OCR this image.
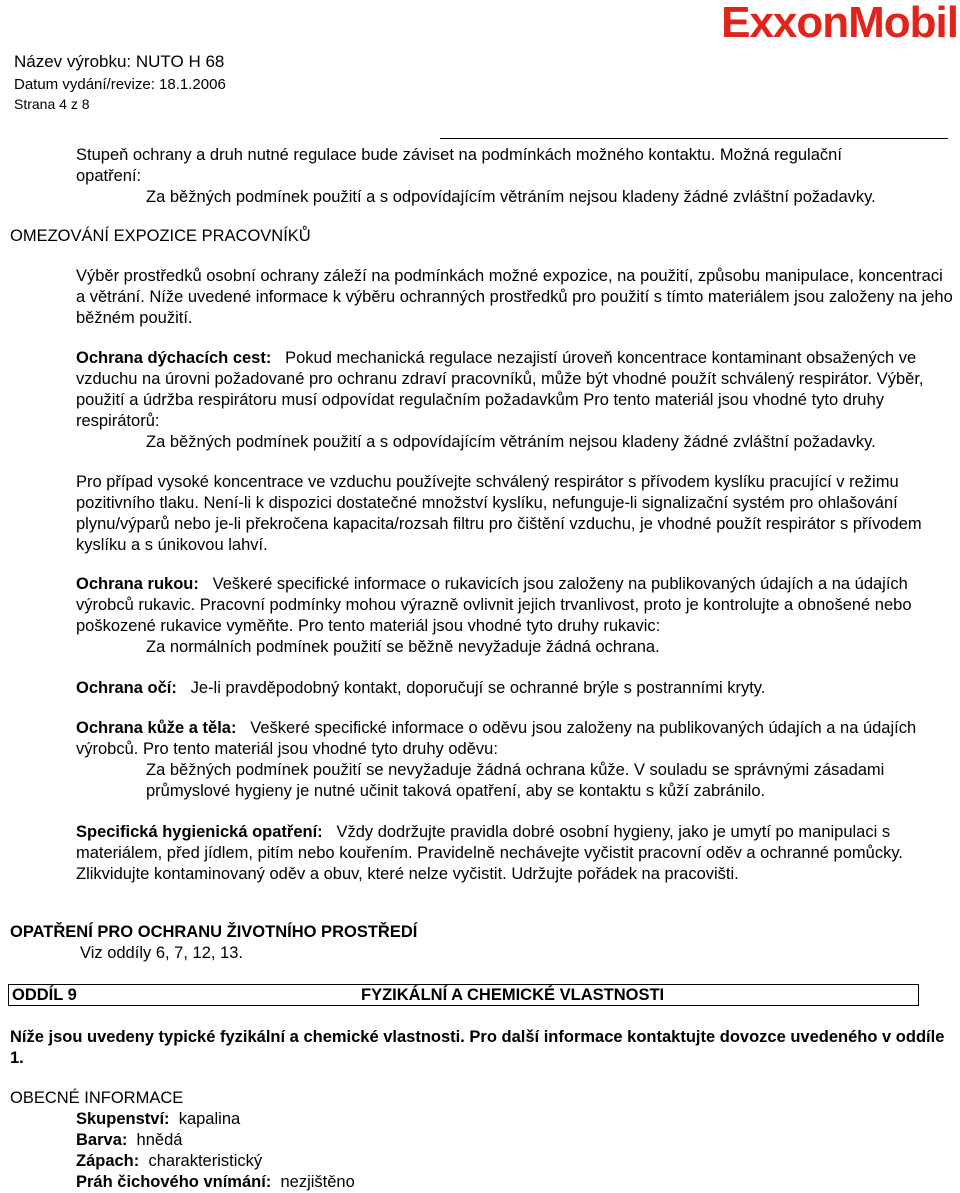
Název výrobku: NUTO H 68
Datum vydání/revize: 18.1.2006
Strana 4 z 8
ExxonMobil
Stupeň ochrany a druh nutné regulace bude záviset na podmínkách možného kontaktu. Možná regulační
opatření:
Za běžných podmínek použití a s odpovídajícím větráním nejsou kladeny žádné zvláštní požadavky.
OMEZOVÁNÍ EXPOZICE PRACOVNÍKŮ
Výběr prostředků osobní ochrany záleží na podmínkách možné expozice, na použití, způsobu manipulace, koncentraci a větrání. Níže uvedené informace k výběru ochranných prostředků pro použití s tímto materiálem jsou založeny na jeho běžném použití.
Ochrana dýchacích cest: Pokud mechanická regulace nezajistí úroveň koncentrace kontaminant obsažených ve vzduchu na úrovni požadované pro ochranu zdraví pracovníků, může být vhodné použít schválený respirátor. Výběr, použití a údržba respirátoru musí odpovídat regulačním požadavkům Pro tento materiál jsou vhodné tyto druhy respirátorů:
Za běžných podmínek použití a s odpovídajícím větráním nejsou kladeny žádné zvláštní požadavky.
Pro případ vysoké koncentrace ve vzduchu používejte schválený respirátor s přívodem kyslíku pracující v režimu pozitivního tlaku. Není-li k dispozici dostatečné množství kyslíku, nefunguje-li signalizační systém pro ohlašování plynu/výparů nebo je-li překročena kapacita/rozsah filtru pro čištění vzduchu, je vhodné použít respirátor s přívodem kyslíku a s únikovou lahví.
Ochrana rukou: Veškeré specifické informace o rukavicích jsou založeny na publikovaných údajích a na údajích výrobců rukavic. Pracovní podmínky mohou výrazně ovlivnit jejich trvanlivost, proto je kontrolujte a obnošené nebo poškozené rukavice vyměňte. Pro tento materiál jsou vhodné tyto druhy rukavic:
Za normálních podmínek použití se běžně nevyžaduje žádná ochrana.
Ochrana očí: Je-li pravděpodobný kontakt, doporučují se ochranné brýle s postranními kryty.
Ochrana kůže a těla: Veškeré specifické informace o oděvu jsou založeny na publikovaných údajích a na údajích výrobců. Pro tento materiál jsou vhodné tyto druhy oděvu:
Za běžných podmínek použití se nevyžaduje žádná ochrana kůže. V souladu se správnými zásadami průmyslové hygieny je nutné učinit taková opatření, aby se kontaktu s kůží zabránilo.
Specifická hygienická opatření: Vždy dodržujte pravidla dobré osobní hygieny, jako je umytí po manipulaci s materiálem, před jídlem, pitím nebo kouřením. Pravidelně nechávejte vyčistit pracovní oděv a ochranné pomůcky. Zlikvidujte kontaminovaný oděv a obuv, které nelze vyčistit. Udržujte pořádek na pracovišti.
OPATŘENÍ PRO OCHRANU ŽIVOTNÍHO PROSTŘEDÍ
Viz oddíly 6, 7, 12, 13.
ODDÍL 9	FYZIKÁLNÍ A CHEMICKÉ VLASTNOSTI
Níže jsou uvedeny typické fyzikální a chemické vlastnosti. Pro další informace kontaktujte dovozce uvedeného v oddíle 1.
OBECNÉ INFORMACE
Skupenství: kapalina
Barva: hnědá
Zápach: charakteristický
Práh čichového vnímání: nezjištěno
